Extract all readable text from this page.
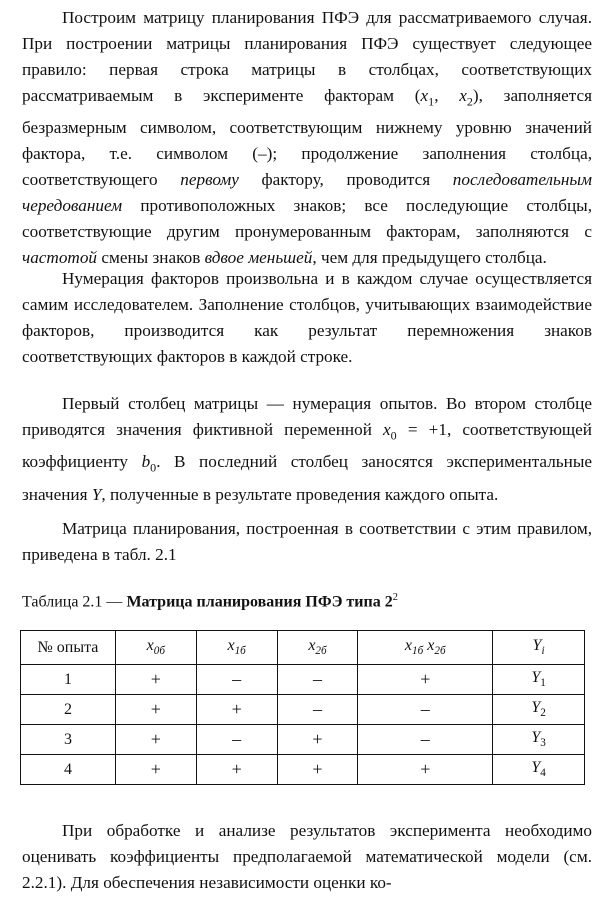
Построим матрицу планирования ПФЭ для рассматриваемого случая. При построении матрицы планирования ПФЭ существует следующее правило: первая строка матрицы в столбцах, соответствующих рассматриваемым в эксперименте факторам ($x_1$, $x_2$), заполняется безразмерным символом, соответствующим нижнему уровню значений фактора, т.е. символом (–); продолжение заполнения столбца, соответствующего первому фактору, проводится последовательным чередованием противоположных знаков; все последующие столбцы, соответствующие другим пронумерованным факторам, заполняются с частотой смены знаков вдвое меньшей, чем для предыдущего столбца.

Нумерация факторов произвольна и в каждом случае осуществляется самим исследователем. Заполнение столбцов, учитывающих взаимодействие факторов, производится как результат перемножения знаков соответствующих факторов в каждой строке.

Первый столбец матрицы — нумерация опытов. Во втором столбце приводятся значения фиктивной переменной $x_0 = +1$, соответствующей коэффициенту $b_0$. В последний столбец заносятся экспериментальные значения Y, полученные в результате проведения каждого опыта.

Матрица планирования, построенная в соответствии с этим правилом, приведена в табл. 2.1

Таблица 2.1 — Матрица планирования ПФЭ типа $2^2$
№ опыта	$x_{0б}$	$x_{1б}$	$x_{2б}$	$x_{1б}$ $x_{2б}$	$Y_i$
1	+	–	–	+	$Y_1$
2	+	+	–	–	$Y_2$
3	+	–	+	–	$Y_3$
4	+	+	+	+	$Y_4$

При обработке и анализе результатов эксперимента необходимо оценивать коэффициенты предполагаемой математической модели (см. 2.2.1). Для обеспечения независимости оценки ко-
